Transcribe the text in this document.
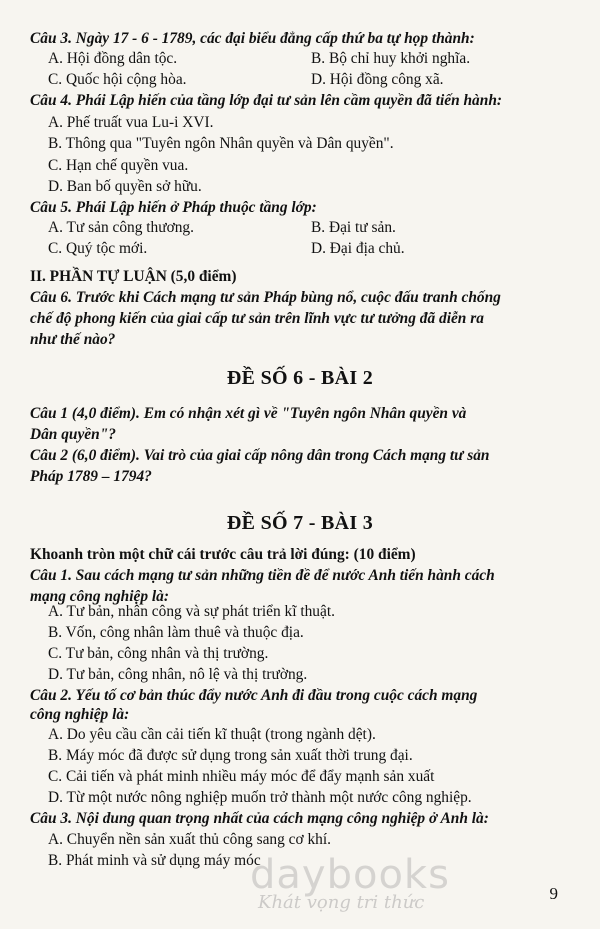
Câu 3. Ngày 17 - 6 - 1789, các đại biểu đẳng cấp thứ ba tự họp thành:
A. Hội đồng dân tộc.	B. Bộ chỉ huy khởi nghĩa.
C. Quốc hội cộng hòa.	D. Hội đồng công xã.
Câu 4. Phái Lập hiến của tầng lớp đại tư sản lên cầm quyền đã tiến hành:
A. Phế truất vua Lu-i XVI.
B. Thông qua "Tuyên ngôn Nhân quyền và Dân quyền".
C. Hạn chế quyền vua.
D. Ban bố quyền sở hữu.
Câu 5. Phái Lập hiến ở Pháp thuộc tầng lớp:
A. Tư sản công thương.	B. Đại tư sản.
C. Quý tộc mới.	D. Đại địa chủ.
II. PHẦN TỰ LUẬN (5,0 điểm)
Câu 6. Trước khi Cách mạng tư sản Pháp bùng nổ, cuộc đấu tranh chống
chế độ phong kiến của giai cấp tư sản trên lĩnh vực tư tưởng đã diễn ra
như thế nào?
ĐỀ SỐ 6 - BÀI 2
Câu 1 (4,0 điểm). Em có nhận xét gì về "Tuyên ngôn Nhân quyền và
Dân quyền"?
Câu 2 (6,0 điểm). Vai trò của giai cấp nông dân trong Cách mạng tư sản
Pháp 1789 – 1794?
ĐỀ SỐ 7 - BÀI 3
Khoanh tròn một chữ cái trước câu trả lời đúng: (10 điểm)
Câu 1. Sau cách mạng tư sản những tiền đề để nước Anh tiến hành cách
mạng công nghiệp là:
A. Tư bản, nhân công và sự phát triển kĩ thuật.
B. Vốn, công nhân làm thuê và thuộc địa.
C. Tư bản, công nhân và thị trường.
D. Tư bản, công nhân, nô lệ và thị trường.
Câu 2. Yếu tố cơ bản thúc đẩy nước Anh đi đầu trong cuộc cách mạng
công nghiệp là:
A. Do yêu cầu cần cải tiến kĩ thuật (trong ngành dệt).
B. Máy móc đã được sử dụng trong sản xuất thời trung đại.
C. Cải tiến và phát minh nhiều máy móc để đẩy mạnh sản xuất
D. Từ một nước nông nghiệp muốn trở thành một nước công nghiệp.
Câu 3. Nội dung quan trọng nhất của cách mạng công nghiệp ở Anh là:
A. Chuyển nền sản xuất thủ công sang cơ khí.
B. Phát minh và sử dụng máy móc
daybooks
Khát vọng tri thức	9
